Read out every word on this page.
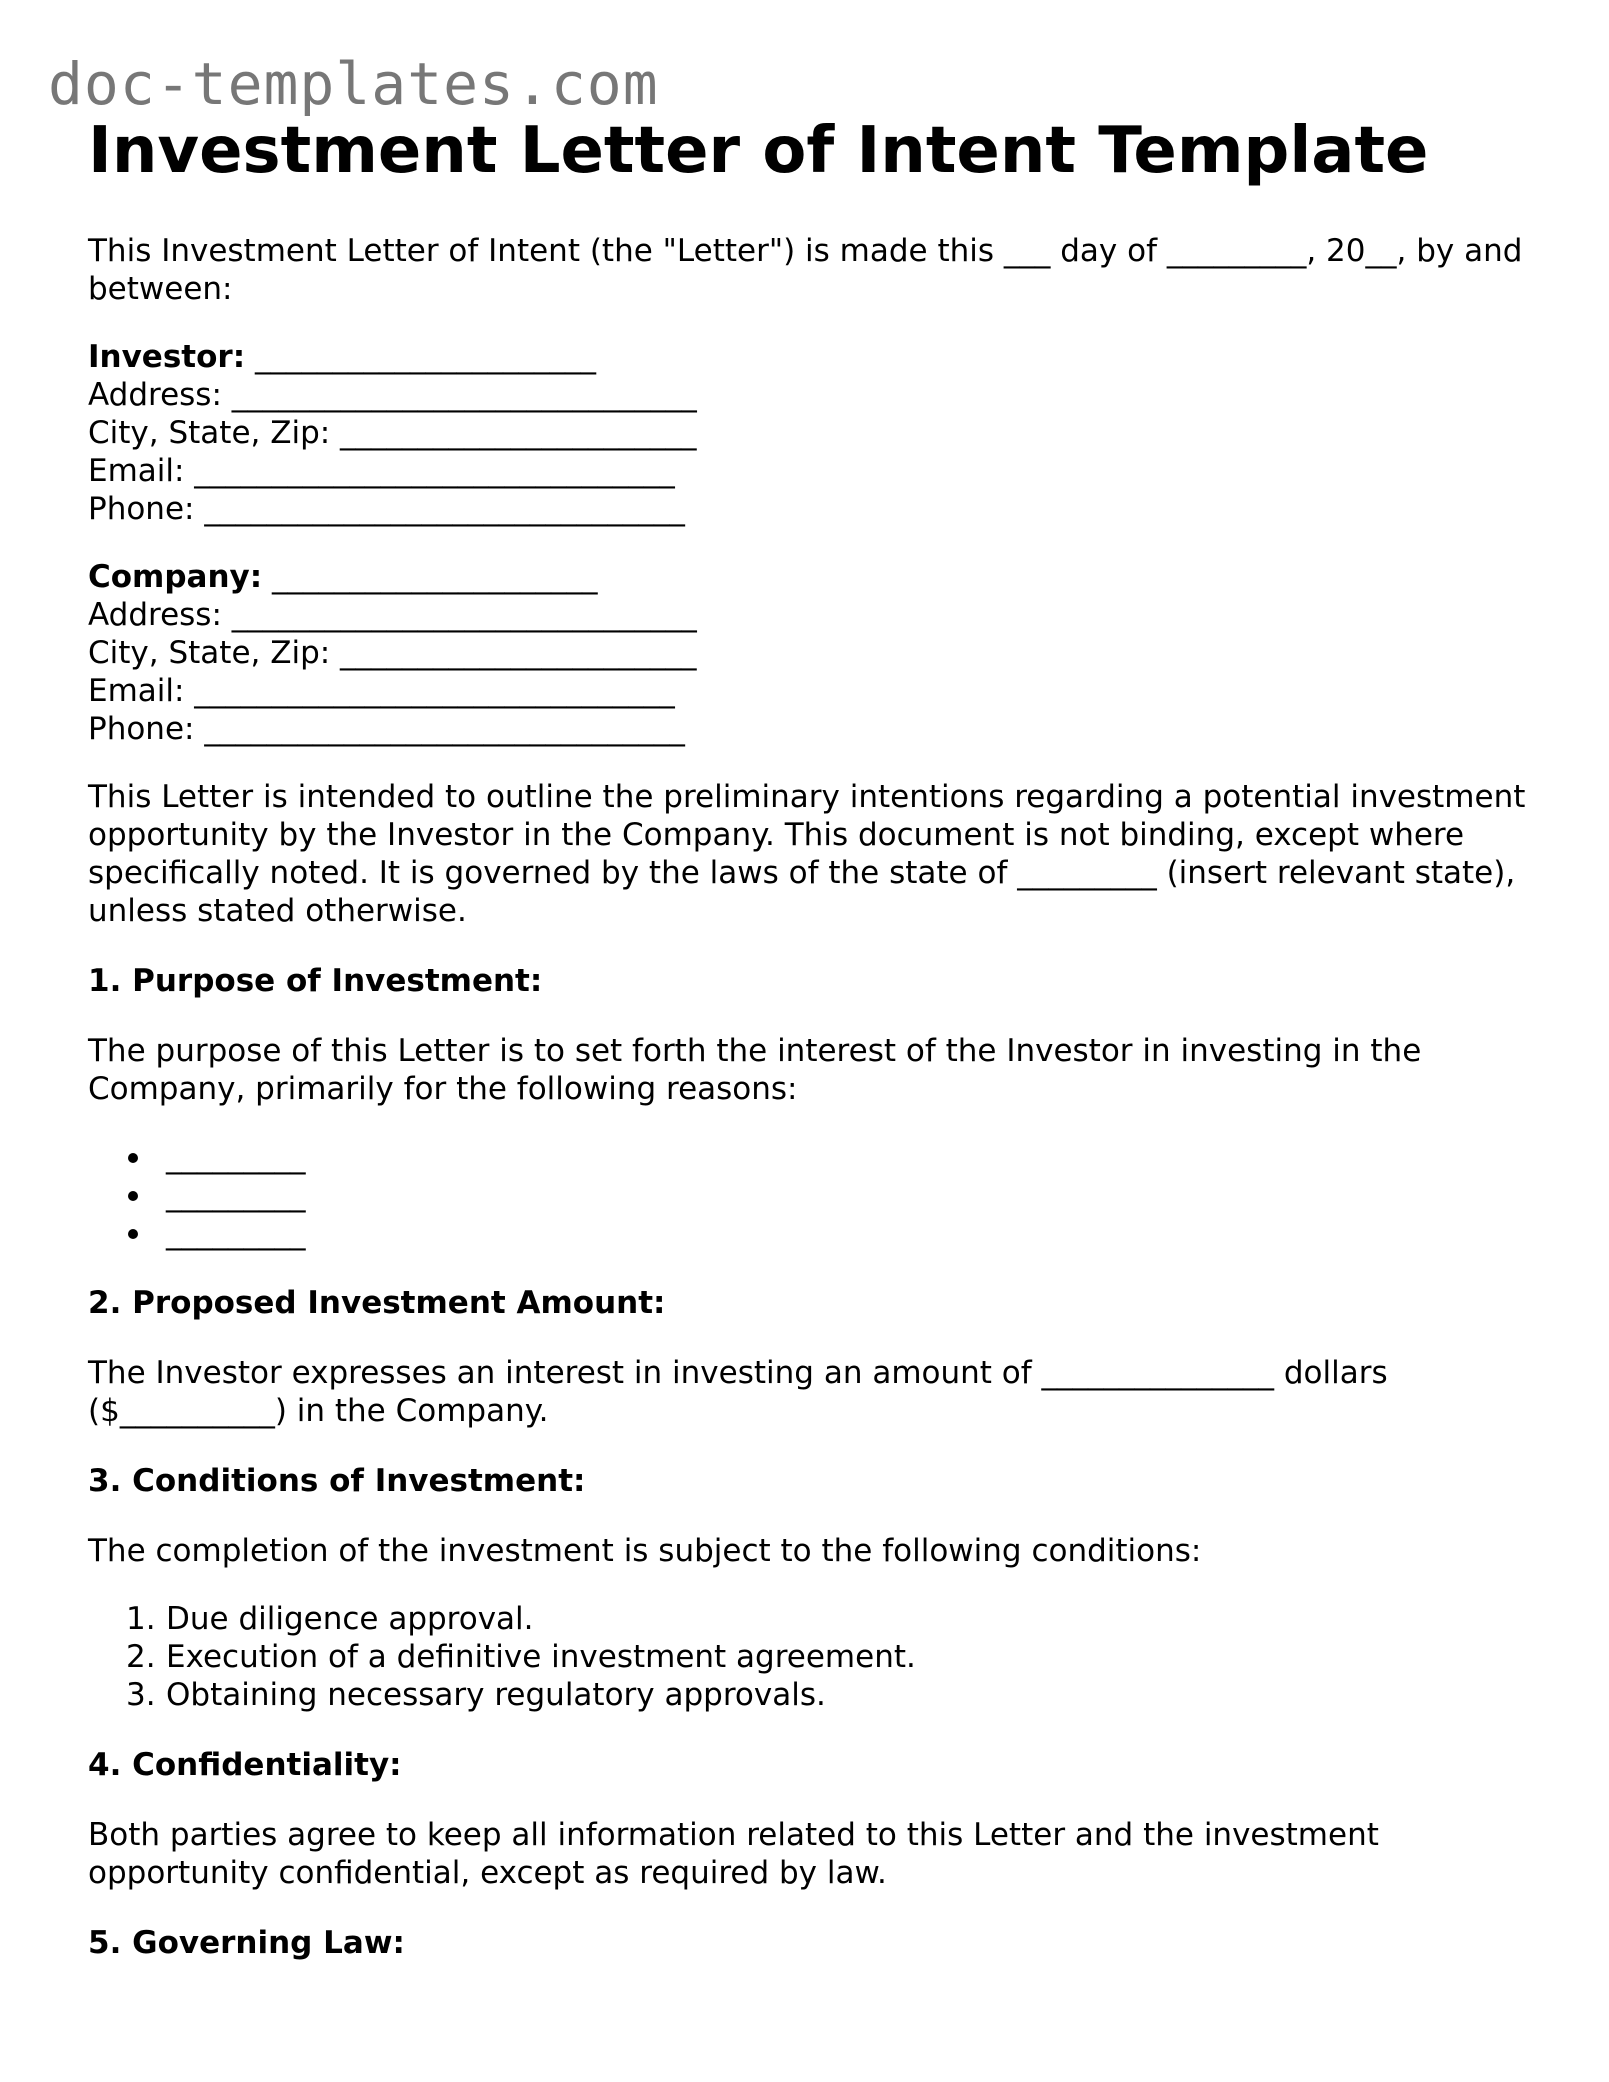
doc-templates.com
Investment Letter of Intent Template

This Investment Letter of Intent (the "Letter") is made this ___ day of _________, 20__, by and between:

Investor: ______________________
Address: ______________________________
City, State, Zip: _______________________
Email: _______________________________
Phone: _______________________________
Company: _____________________
Address: ______________________________
City, State, Zip: _______________________
Email: _______________________________
Phone: _______________________________

This Letter is intended to outline the preliminary intentions regarding a potential investment opportunity by the Investor in the Company. This document is not binding, except where specifically noted. It is governed by the laws of the state of _________ (insert relevant state), unless stated otherwise.

1. Purpose of Investment:

The purpose of this Letter is to set forth the interest of the Investor in investing in the Company, primarily for the following reasons:

_________
_________
_________
2. Proposed Investment Amount:

The Investor expresses an interest in investing an amount of _______________ dollars ($__________) in the Company.

3. Conditions of Investment:

The completion of the investment is subject to the following conditions:

1. Due diligence approval.
2. Execution of a definitive investment agreement.
3. Obtaining necessary regulatory approvals.
4. Confidentiality:

Both parties agree to keep all information related to this Letter and the investment opportunity confidential, except as required by law.

5. Governing Law:
